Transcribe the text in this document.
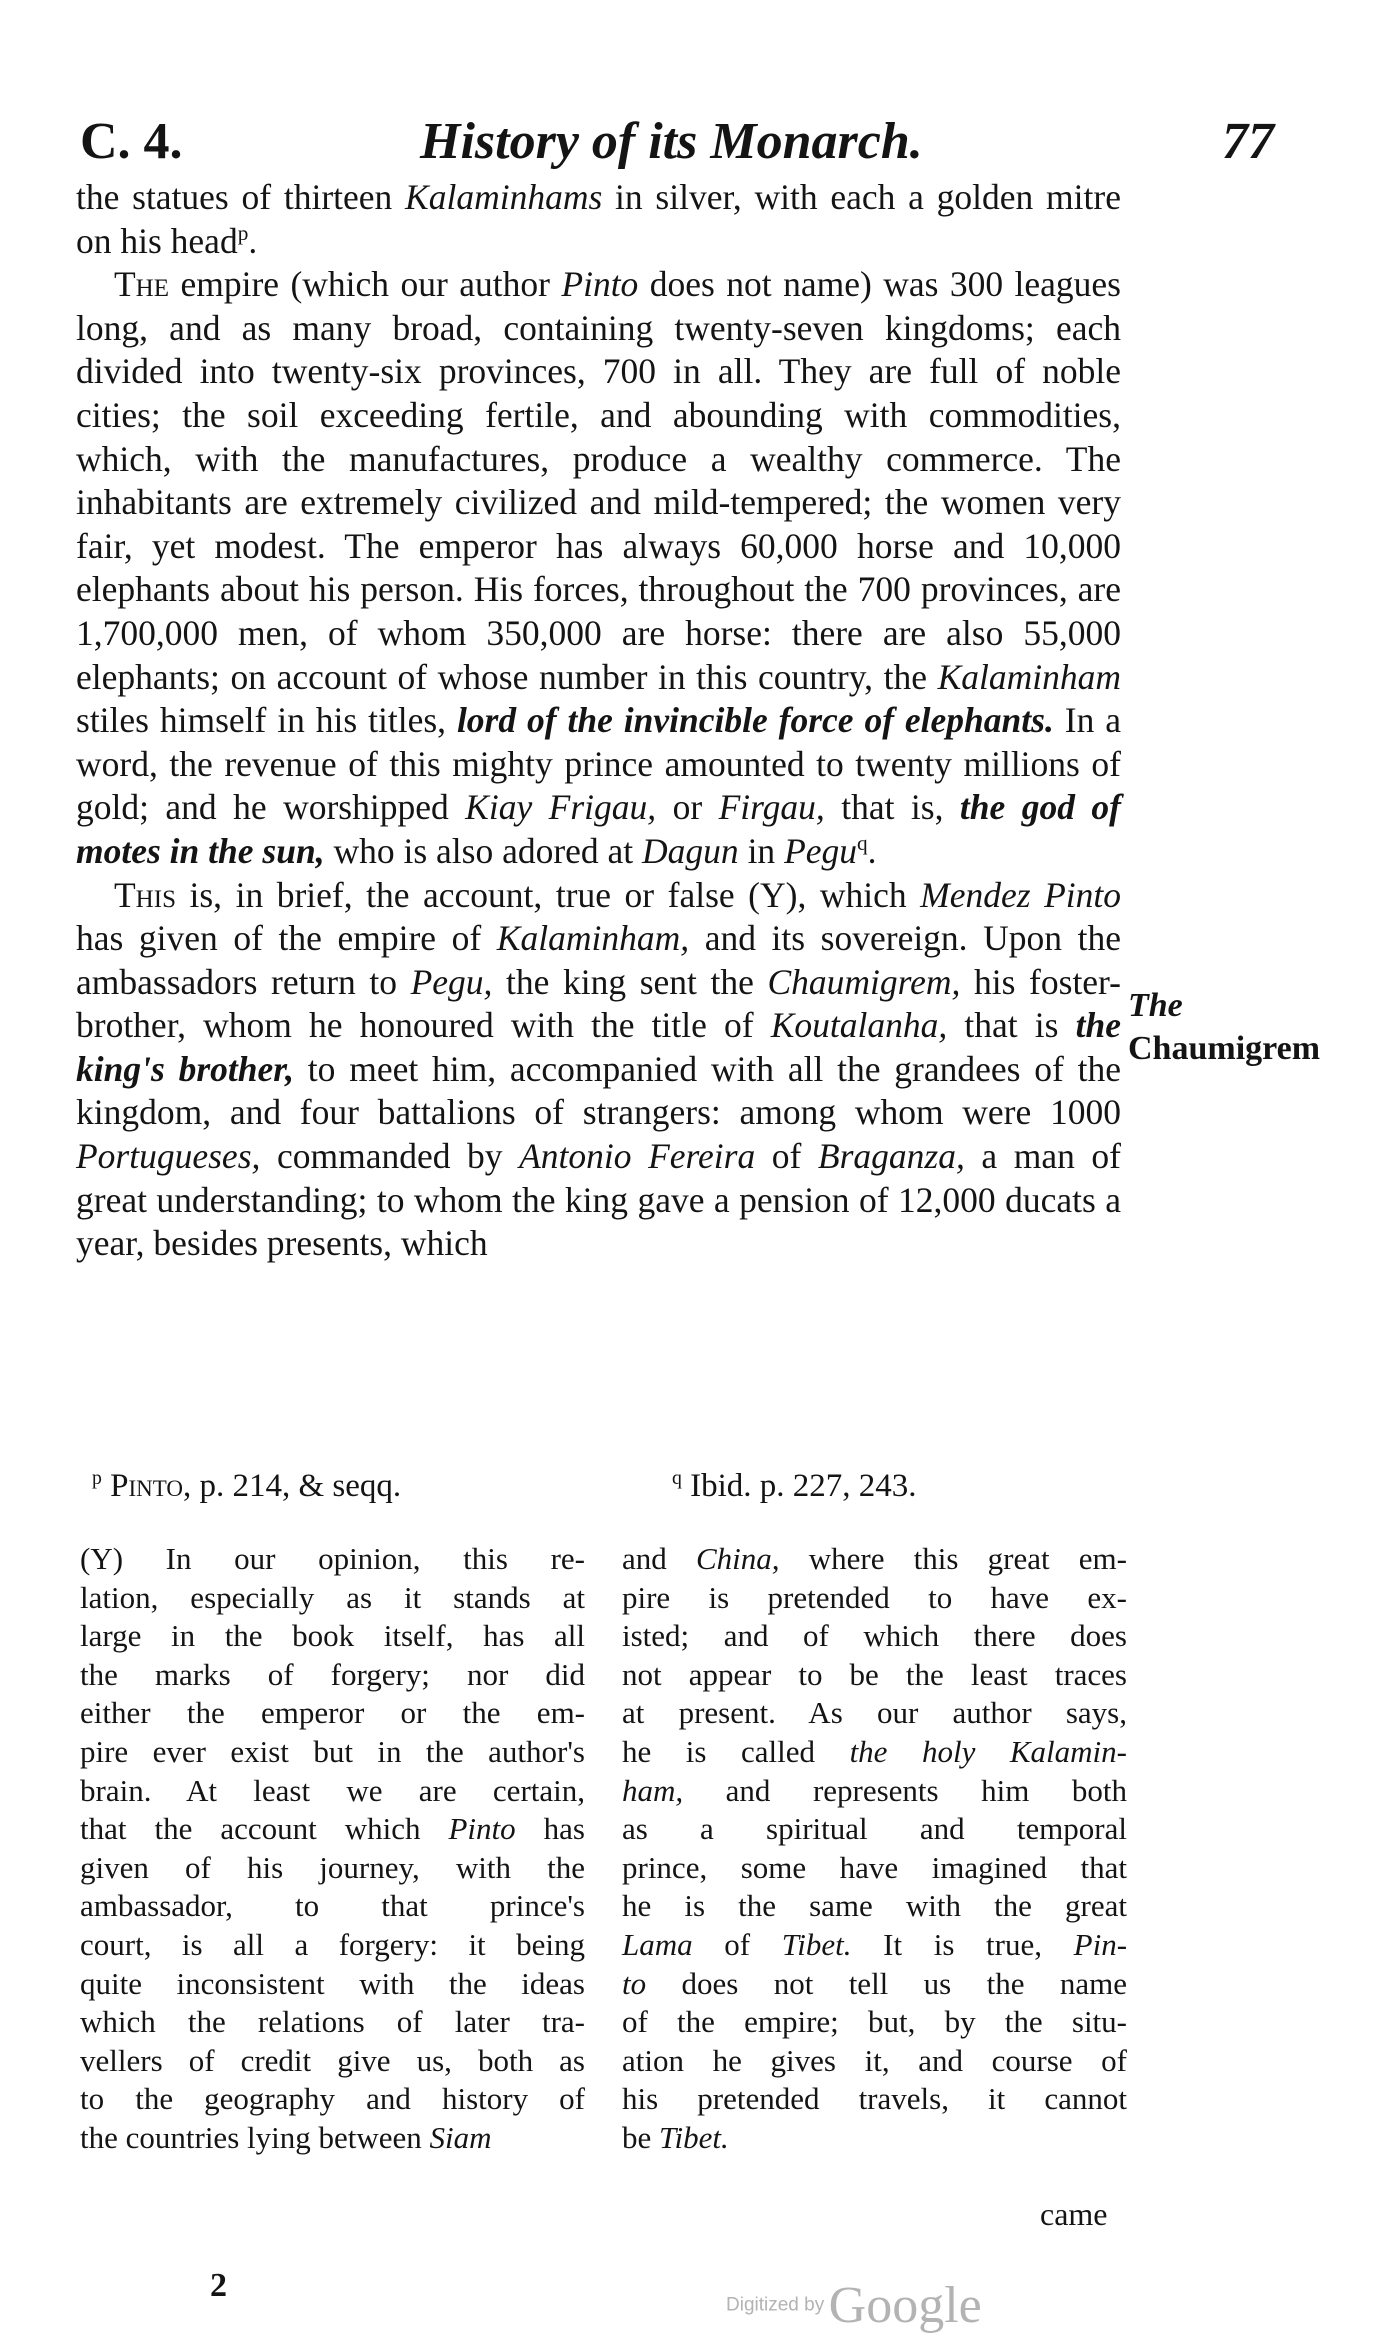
C. 4.	History of its Monarch.	77

the statues of thirteen Kalaminhams in silver, with each a golden mitre on his head$^p$.

The empire (which our author Pinto does not name) was 300 leagues long, and as many broad, containing twenty-seven kingdoms; each divided into twenty-six provinces, 700 in all. They are full of noble cities; the soil exceeding fertile, and abounding with commodities, which, with the manufactures, produce a wealthy commerce. The inhabitants are extremely civilized and mild-tempered; the women very fair, yet modest. The emperor has always 60,000 horse and 10,000 elephants about his person. His forces, throughout the 700 provinces, are 1,700,000 men, of whom 350,000 are horse: there are also 55,000 elephants; on account of whose number in this country, the Kalaminham stiles himself in his titles, lord of the invincible force of elephants. In a word, the revenue of this mighty prince amounted to twenty millions of gold; and he worshipped Kiay Frigau, or Firgau, that is, the god of motes in the sun, who is also adored at Dagun in Pegu$^q$.

This is, in brief, the account, true or false (Y), which Mendez Pinto has given of the empire of Kalaminham, and its sovereign. Upon the ambassadors return to Pegu, the king sent the Chaumigrem, his foster-brother, whom he honoured with the title of Koutalanha, that is the king's brother, to meet him, accompanied with all the grandees of the kingdom, and four battalions of strangers: among whom were 1000 Portugueses, commanded by Antonio Fereira of Braganza, a man of great understanding; to whom the king gave a pension of 12,000 ducats a year, besides presents, which

The Chaumigrem
$^p$ Pinto, p. 214, & seqq.	$^q$ Ibid. p. 227, 243.
(Y) In our opinion, this re-
lation, especially as it stands at
large in the book itself, has all
the marks of forgery; nor did
either the emperor or the em-
pire ever exist but in the author's
brain. At least we are certain,
that the account which Pinto has
given of his journey, with the
ambassador, to that prince's
court, is all a forgery: it being
quite inconsistent with the ideas
which the relations of later tra-
vellers of credit give us, both as
to the geography and history of
the countries lying between Siam
and China, where this great em-
pire is pretended to have ex-
isted; and of which there does
not appear to be the least traces
at present. As our author says,
he is called the holy Kalamin-
ham, and represents him both
as a spiritual and temporal
prince, some have imagined that
he is the same with the great
Lama of Tibet. It is true, Pin-
to does not tell us the name
of the empire; but, by the situ-
ation he gives it, and course of
his pretended travels, it cannot
be Tibet.
came
2
Digitized by Google
